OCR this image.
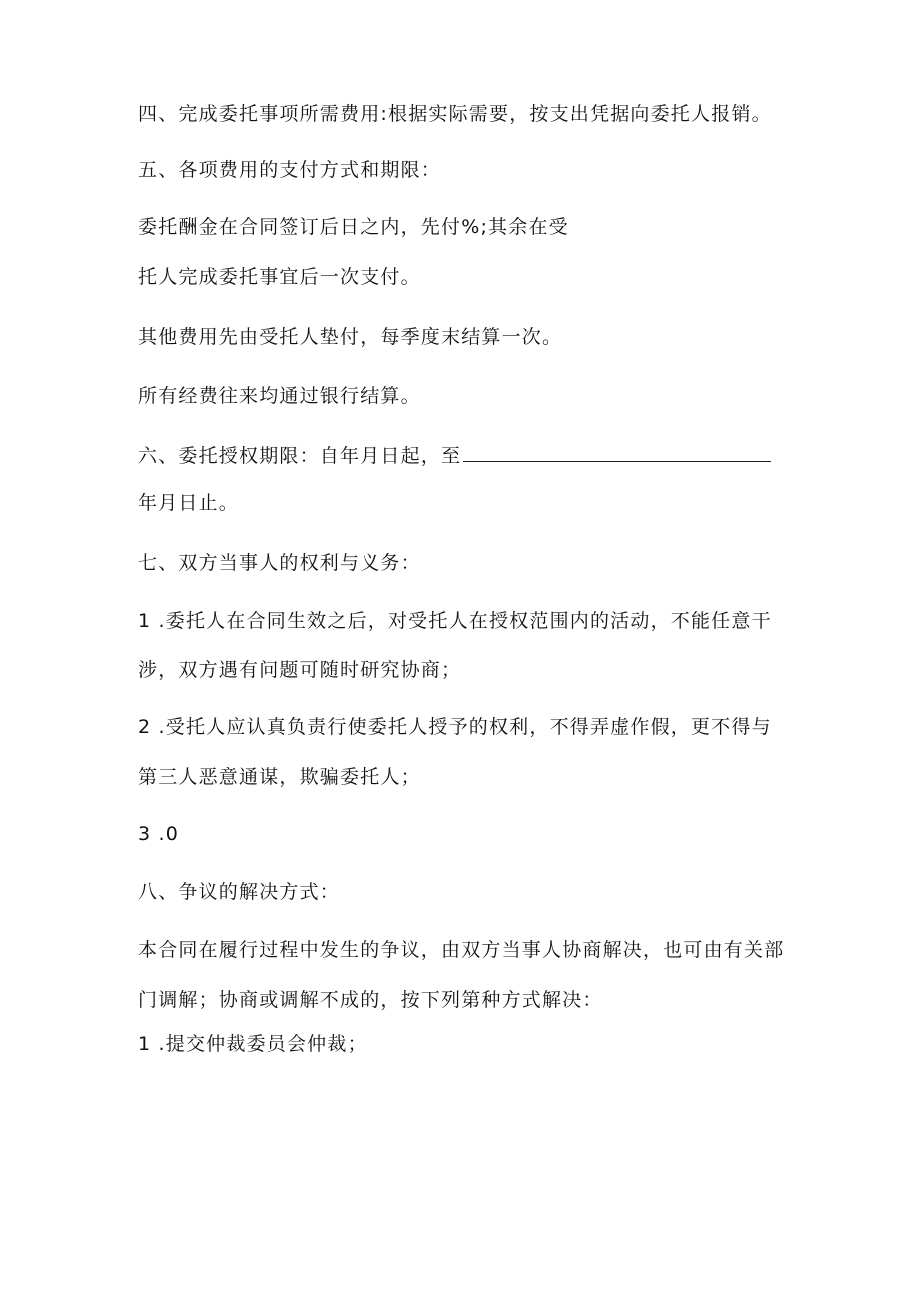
四、完成委托事项所需费用:根据实际需要，按支出凭据向委托人报销。
五、各项费用的支付方式和期限：
委托酬金在合同签订后日之内，先付%;其余在受
托人完成委托事宜后一次支付。
其他费用先由受托人垫付，每季度末结算一次。
所有经费往来均通过银行结算。
六、委托授权期限：自年月日起，至
年月日止。
七、双方当事人的权利与义务：
1 .委托人在合同生效之后，对受托人在授权范围内的活动，不能任意干
涉，双方遇有问题可随时研究协商；
2 .受托人应认真负责行使委托人授予的权利，不得弄虚作假，更不得与
第三人恶意通谋，欺骗委托人；
3 .0
八、争议的解决方式：
本合同在履行过程中发生的争议，由双方当事人协商解决，也可由有关部
门调解；协商或调解不成的，按下列第种方式解决：
1 .提交仲裁委员会仲裁；
